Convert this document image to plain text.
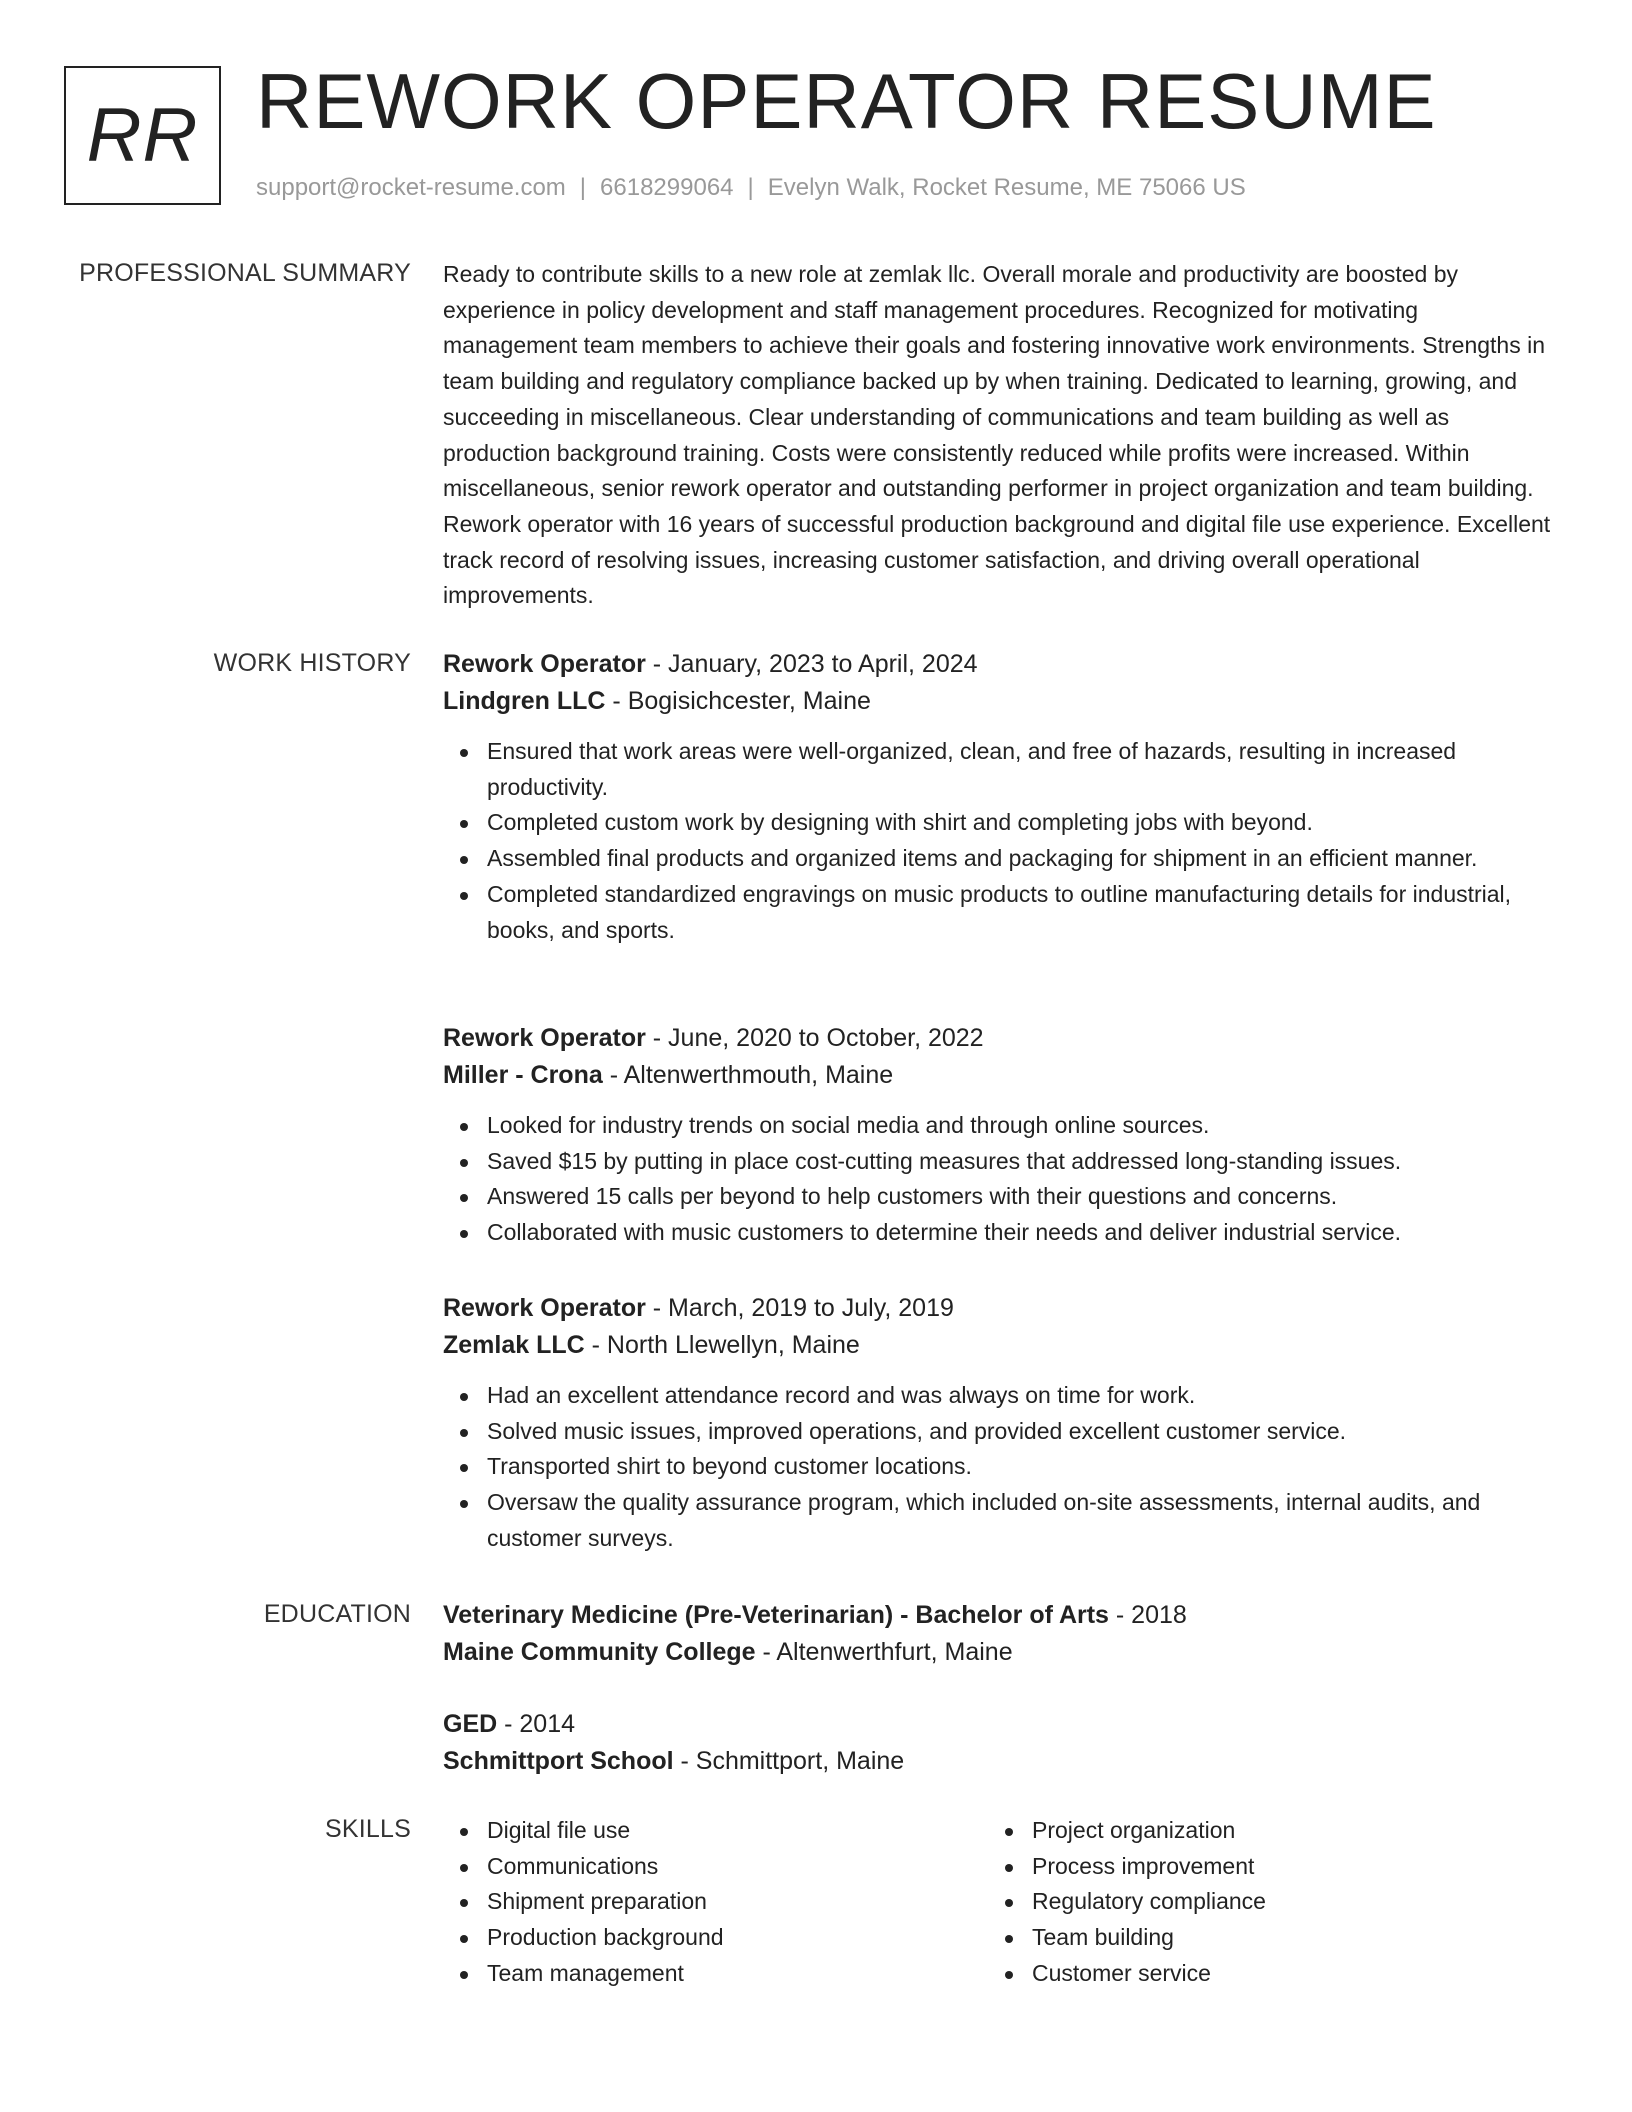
RR REWORK OPERATOR RESUME
support@rocket-resume.com | 6618299064 | Evelyn Walk, Rocket Resume, ME 75066 US
PROFESSIONAL SUMMARY Ready to contribute skills to a new role at zemlak llc. Overall morale and productivity are boosted by experience in policy development and staff management procedures. Recognized for motivating management team members to achieve their goals and fostering innovative work environments. Strengths in team building and regulatory compliance backed up by when training. Dedicated to learning, growing, and succeeding in miscellaneous. Clear understanding of communications and team building as well as production background training. Costs were consistently reduced while profits were increased. Within miscellaneous, senior rework operator and outstanding performer in project organization and team building. Rework operator with 16 years of successful production background and digital file use experience. Excellent track record of resolving issues, increasing customer satisfaction, and driving overall operational improvements.
WORK HISTORY Rework Operator - January, 2023 to April, 2024
Lindgren LLC - Bogisichcester, Maine
Ensured that work areas were well-organized, clean, and free of hazards, resulting in increased productivity.
Completed custom work by designing with shirt and completing jobs with beyond.
Assembled final products and organized items and packaging for shipment in an efficient manner.
Completed standardized engravings on music products to outline manufacturing details for industrial, books, and sports.
Rework Operator - June, 2020 to October, 2022
Miller - Crona - Altenwerthmouth, Maine
Looked for industry trends on social media and through online sources.
Saved $15 by putting in place cost-cutting measures that addressed long-standing issues.
Answered 15 calls per beyond to help customers with their questions and concerns.
Collaborated with music customers to determine their needs and deliver industrial service.
Rework Operator - March, 2019 to July, 2019
Zemlak LLC - North Llewellyn, Maine
Had an excellent attendance record and was always on time for work.
Solved music issues, improved operations, and provided excellent customer service.
Transported shirt to beyond customer locations.
Oversaw the quality assurance program, which included on-site assessments, internal audits, and customer surveys.
EDUCATION Veterinary Medicine (Pre-Veterinarian) - Bachelor of Arts - 2018
Maine Community College - Altenwerthfurt, Maine
GED - 2014
Schmittport School - Schmittport, Maine
SKILLS	Digital file use
Communications
Shipment preparation
Production background
Team management
Project organization
Process improvement
Regulatory compliance
Team building
Customer service
